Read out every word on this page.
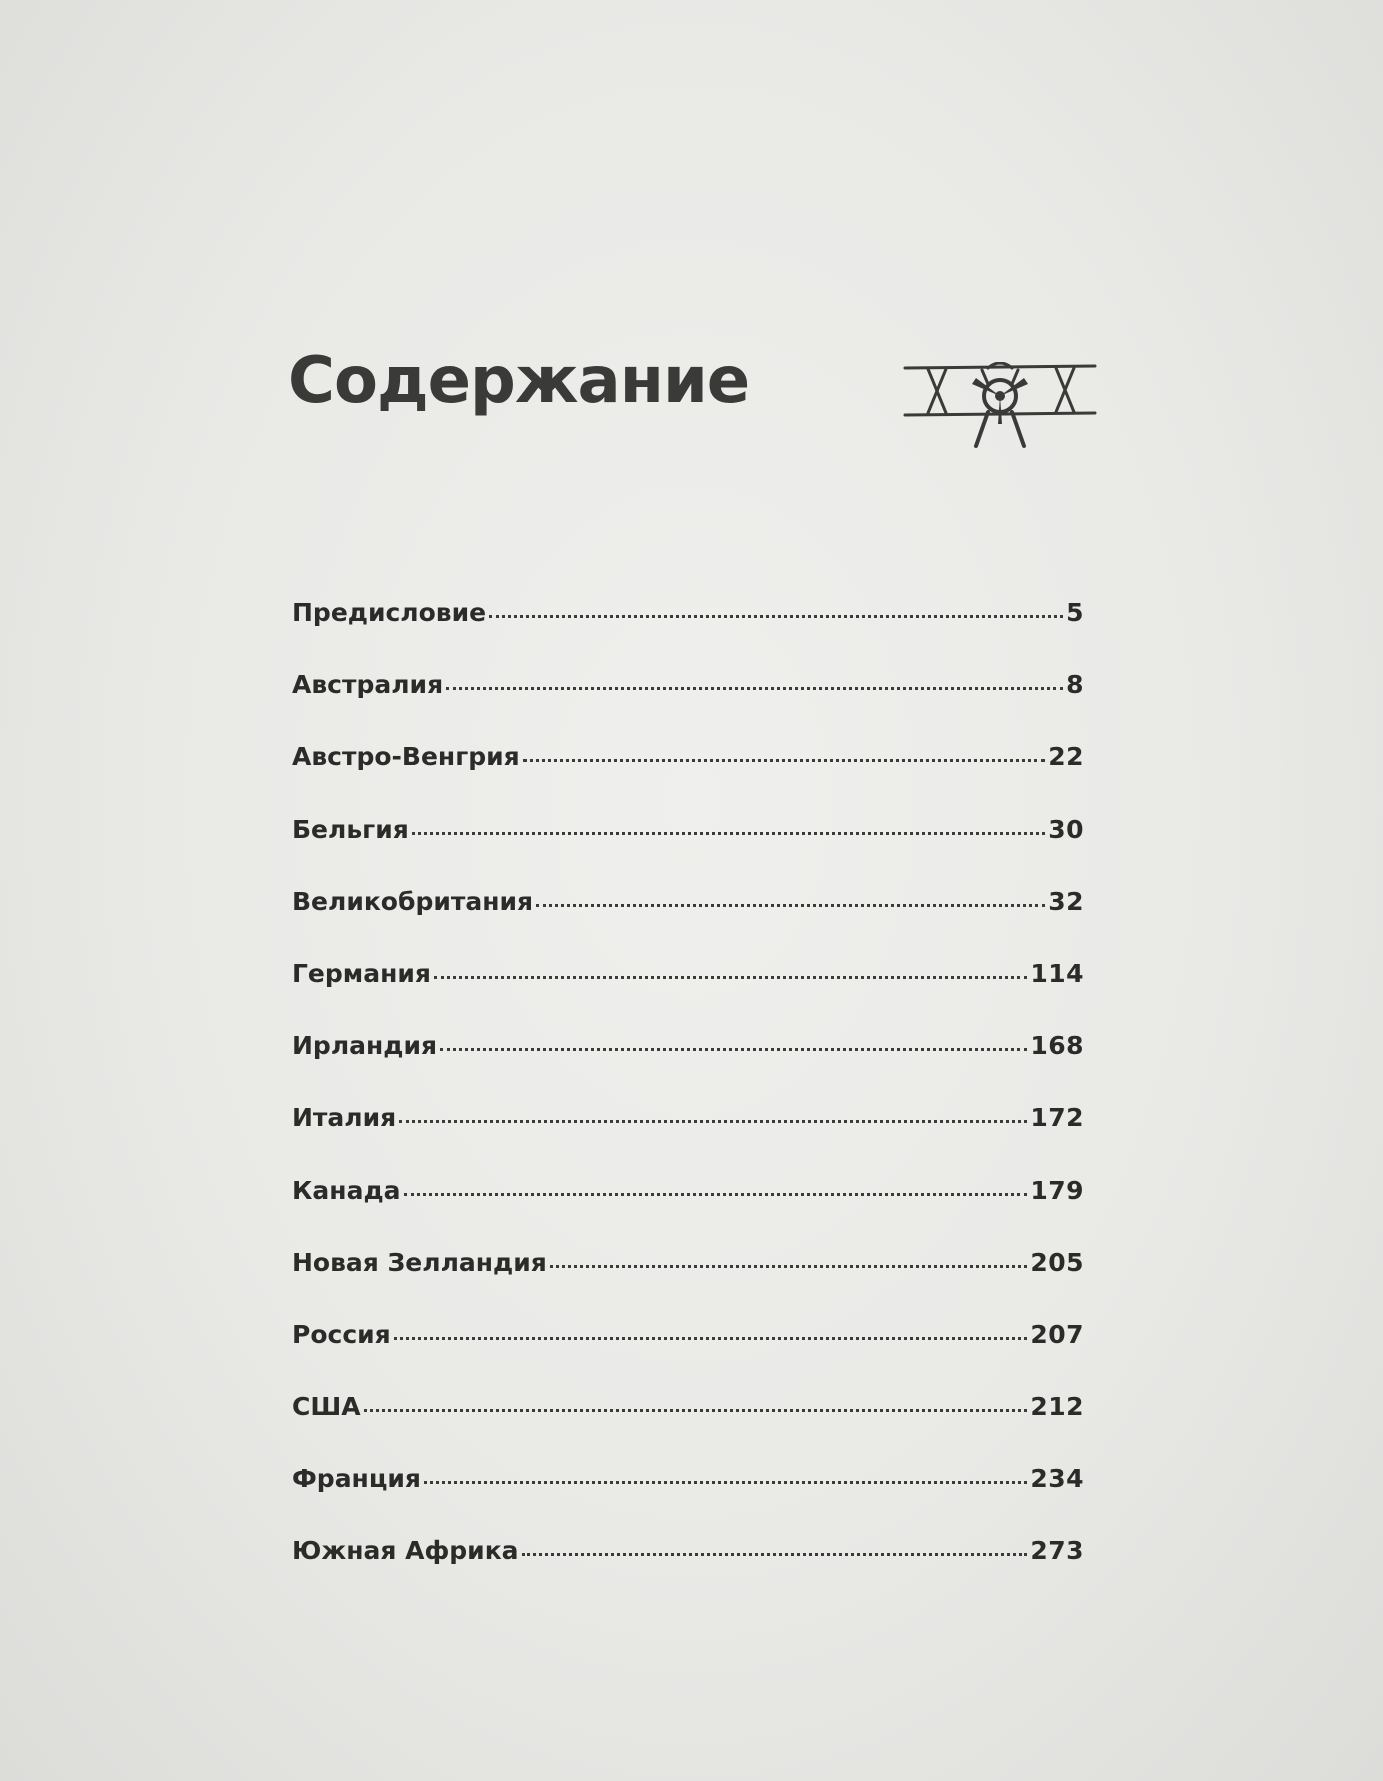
Содержание
Предисловие	5
Австралия	8
Австро-Венгрия	22
Бельгия	30
Великобритания	32
Германия	114
Ирландия	168
Италия	172
Канада	179
Новая Зелландия	205
Россия	207
США	212
Франция	234
Южная Африка	273
